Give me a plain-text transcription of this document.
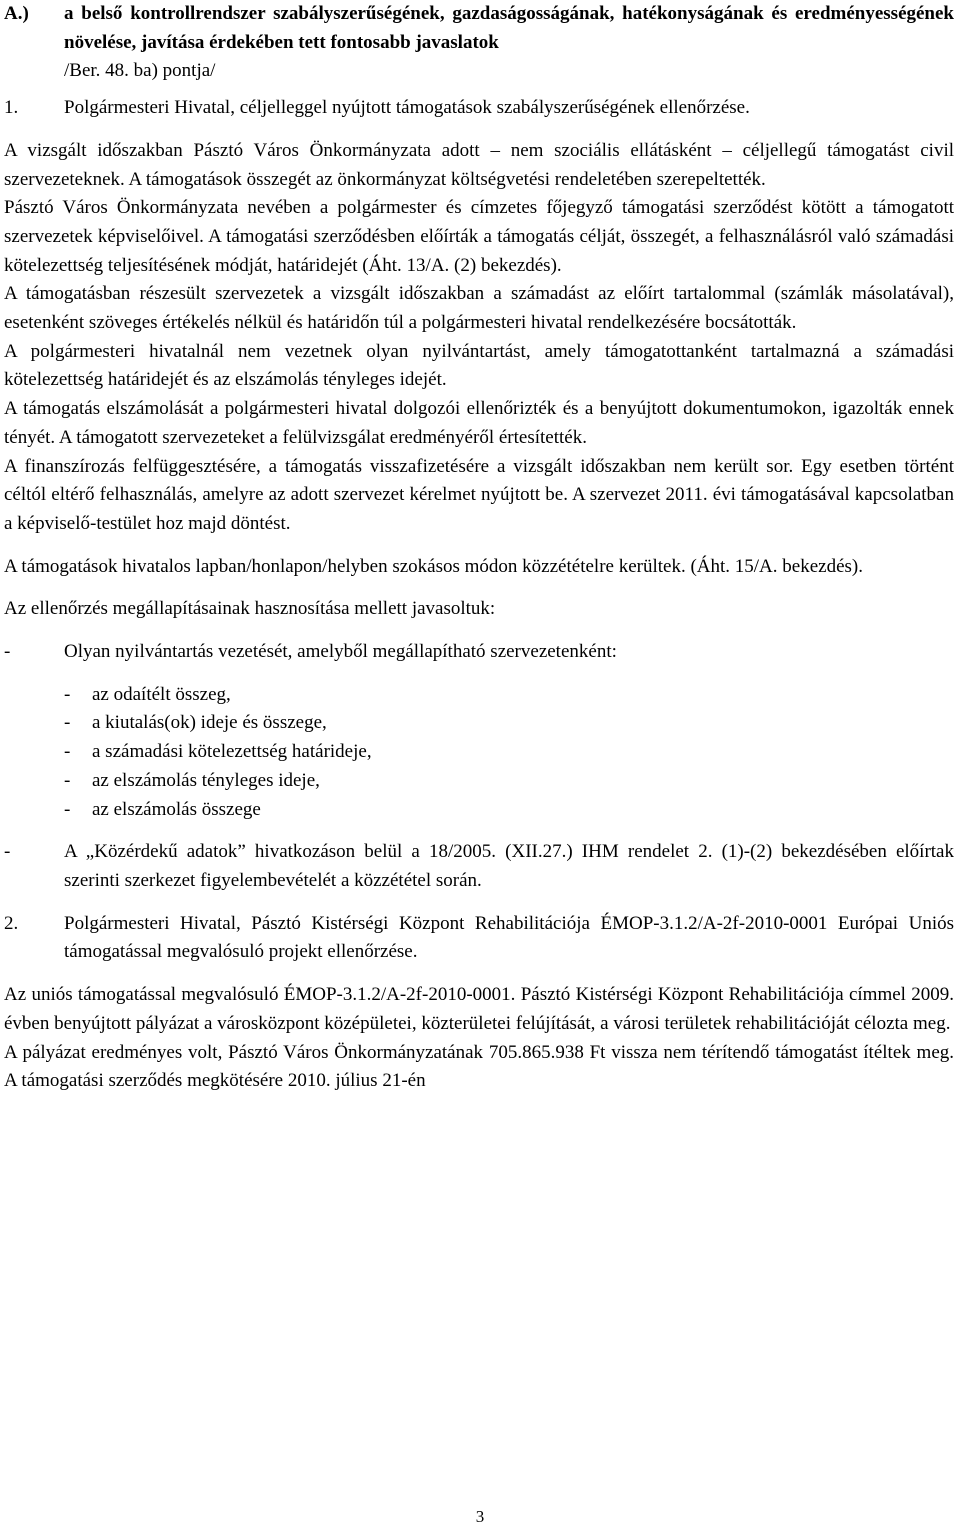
A.)	a belső kontrollrendszer szabályszerűségének, gazdaságosságának, hatékonyságának és eredményességének növelése, javítása érdekében tett fontosabb javaslatok
/Ber. 48. ba) pontja/
1.	Polgármesteri Hivatal, céljelleggel nyújtott támogatások szabályszerűségének ellenőrzése.

A vizsgált időszakban Pásztó Város Önkormányzata adott – nem szociális ellátásként – céljellegű támogatást civil szervezeteknek. A támogatások összegét az önkormányzat költségvetési rendeletében szerepeltették.

Pásztó Város Önkormányzata nevében a polgármester és címzetes főjegyző támogatási szerződést kötött a támogatott szervezetek képviselőivel. A támogatási szerződésben előírták a támogatás célját, összegét, a felhasználásról való számadási kötelezettség teljesítésének módját, határidejét (Áht. 13/A. (2) bekezdés).

A támogatásban részesült szervezetek a vizsgált időszakban a számadást az előírt tartalommal (számlák másolatával), esetenként szöveges értékelés nélkül és határidőn túl a polgármesteri hivatal rendelkezésére bocsátották.

A polgármesteri hivatalnál nem vezetnek olyan nyilvántartást, amely támogatottanként tartalmazná a számadási kötelezettség határidejét és az elszámolás tényleges idejét.

A támogatás elszámolását a polgármesteri hivatal dolgozói ellenőrizték és a benyújtott dokumentumokon, igazolták ennek tényét. A támogatott szervezeteket a felülvizsgálat eredményéről értesítették.

A finanszírozás felfüggesztésére, a támogatás visszafizetésére a vizsgált időszakban nem került sor. Egy esetben történt céltól eltérő felhasználás, amelyre az adott szervezet kérelmet nyújtott be. A szervezet 2011. évi támogatásával kapcsolatban a képviselő-testület hoz majd döntést.

A támogatások hivatalos lapban/honlapon/helyben szokásos módon közzétételre kerültek. (Áht. 15/A. bekezdés).

Az ellenőrzés megállapításainak hasznosítása mellett javasoltuk:

-	Olyan nyilvántartás vezetését, amelyből megállapítható szervezetenként:
-	az odaítélt összeg,
-	a kiutalás(ok) ideje és összege,
-	a számadási kötelezettség határideje,
-	az elszámolás tényleges ideje,
-	az elszámolás összege
-	A „Közérdekű adatok” hivatkozáson belül a 18/2005. (XII.27.) IHM rendelet 2. (1)-(2) bekezdésében előírtak szerinti szerkezet figyelembevételét a közzététel során.
2.	Polgármesteri Hivatal, Pásztó Kistérségi Központ Rehabilitációja ÉMOP-3.1.2/A-2f-2010-0001 Európai Uniós támogatással megvalósuló projekt ellenőrzése.

Az uniós támogatással megvalósuló ÉMOP-3.1.2/A-2f-2010-0001. Pásztó Kistérségi Központ Rehabilitációja címmel 2009. évben benyújtott pályázat a városközpont középületei, közterületei felújítását, a városi területek rehabilitációját célozta meg.

A pályázat eredményes volt, Pásztó Város Önkormányzatának 705.865.938 Ft vissza nem térítendő támogatást ítéltek meg. A támogatási szerződés megkötésére 2010. július 21-én

3
